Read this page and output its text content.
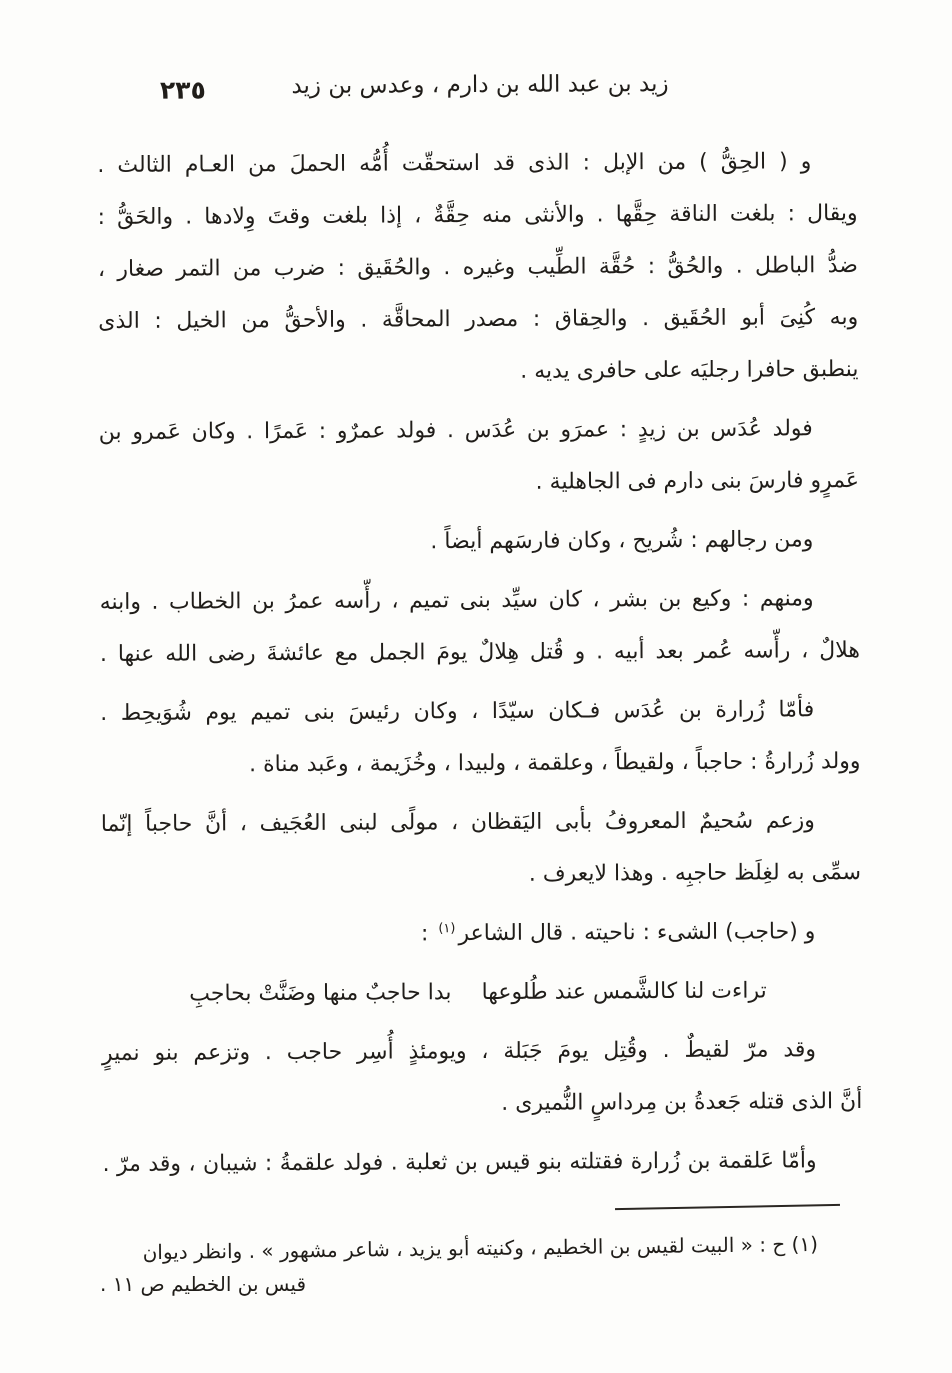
٢٣٥	زيد بن عبد الله بن دارم ، وعدس بن زيد
و ( الحِقُّ ) من الإبل : الذى قد استحقّت أُمُّه الحملَ من العـام الثالث .
ويقال : بلغت الناقة حِقَّها . والأنثى منه حِقَّةٌ ، إذا بلغت وقتَ وِلادها . والحَقُّ :
ضدُّ الباطل . والحُقُّ : حُقَّة الطِّيب وغيره . والحُقَيق : ضرب من التمر صغار ،
وبه كُنِىَ أبو الحُقَيق . والحِقاق : مصدر المحاقَّة . والأحقُّ من الخيل : الذى
ينطبق حافرا رجليَه على حافرى يديه .
فولد عُدَس بن زيدٍ : عمرَو بن عُدَس . فولد عمرٌو : عَمرًا . وكان عَمرو بن
عَمرٍو فارسَ بنى دارم فى الجاهلية .
ومن رجالهم : شُريح ، وكان فارسَهم أيضاً .
ومنهم : وكيع بن بشر ، كان سيِّد بنى تميم ، رأّسه عمرُ بن الخطاب . وابنه
هلالٌ ، رأّسه عُمر بعد أبيه . و قُتل هِلالٌ يومَ الجمل مع عائشةَ رضى الله عنها .
فأمّا زُرارة بن عُدَس فـكان سيّدًا ، وكان رئيسَ بنى تميم يوم شُوَيحِط .
وولد زُرارةُ : حاجباً ، ولقيطاً ، وعلقمة ، ولبيدا ، وخُزَيمة ، وعَبد مناة .
وزعم سُحيمٌ المعروفُ بأبى اليَقظان ، مولًى لبنى العُجَيف ، أنَّ حاجباً إنّما
سمِّى به لغِلَظ حاجبِه . وهذا لايعرف .
و (حاجب) الشىء : ناحيته . قال الشاعر$^{(١)}$ :
تراءت لنا كالشَّمس عند طُلوعها
بدا حاجبٌ منها وضَنَّتْ بحاجبِ
وقد مرّ لقيطٌ . وقُتِل يومَ جَبَلة ، ويومئذٍ أُسِر حاجب . وتزعم بنو نميرٍ
أنَّ الذى قتله جَعدةُ بن مِرداسٍ النُّميرى .
وأمّا عَلقمة بن زُرارة فقتلته بنو قيس بن ثعلبة . فولد علقمةُ : شيبان ، وقد مرّ .
(١) ح : « البيت لقيس بن الخطيم ، وكنيته أبو يزيد ، شاعر مشهور » . وانظر ديوان
قيس بن الخطيم ص ١١ .
